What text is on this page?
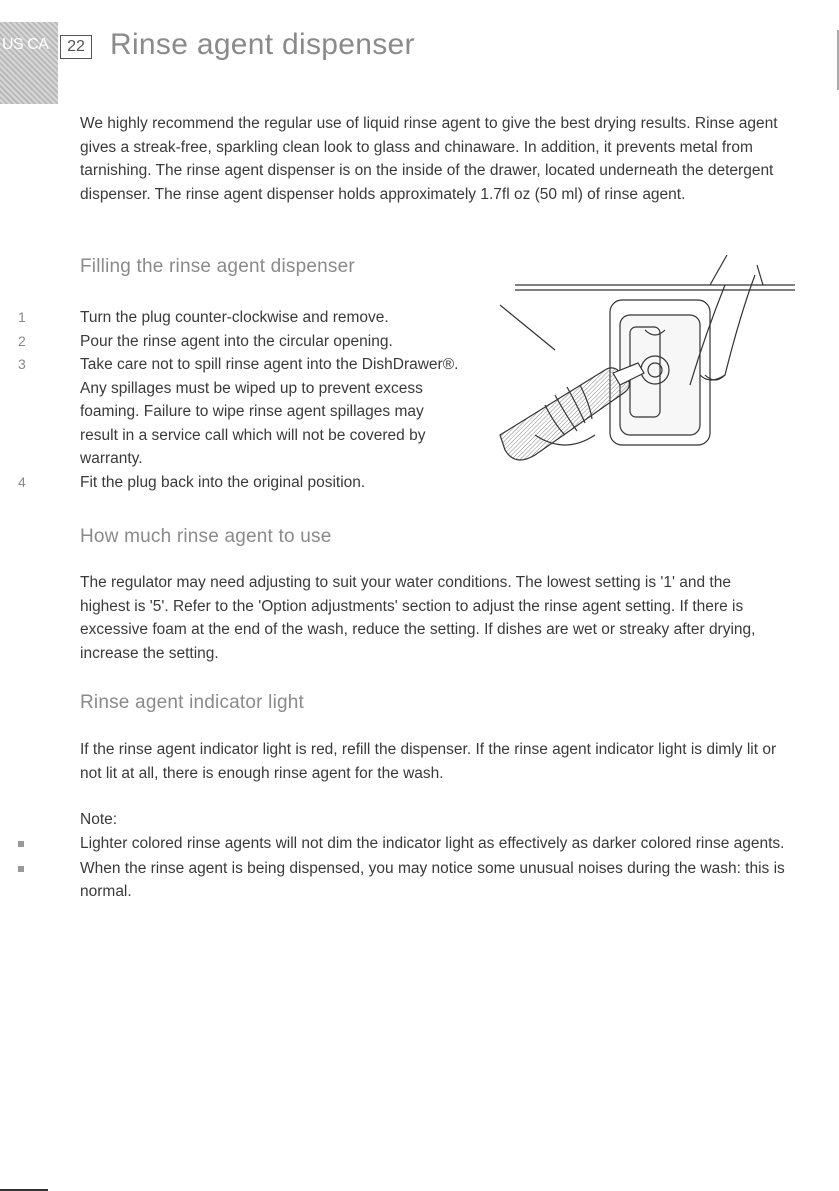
US CA	22 Rinse agent dispenser

We highly recommend the regular use of liquid rinse agent to give the best drying results. Rinse agent gives a streak-free, sparkling clean look to glass and chinaware. In addition, it prevents metal from tarnishing. The rinse agent dispenser is on the inside of the drawer, located underneath the detergent dispenser. The rinse agent dispenser holds approximately 1.7fl oz (50 ml) of rinse agent.

Filling the rinse agent dispenser
1	Turn the plug counter-clockwise and remove.
2	Pour the rinse agent into the circular opening.
3	Take care not to spill rinse agent into the DishDrawer®. Any spillages must be wiped up to prevent excess foaming. Failure to wipe rinse agent spillages may result in a service call which will not be covered by warranty.
4	Fit the plug back into the original position.
How much rinse agent to use

The regulator may need adjusting to suit your water conditions. The lowest setting is '1' and the highest is '5'. Refer to the 'Option adjustments' section to adjust the rinse agent setting. If there is excessive foam at the end of the wash, reduce the setting. If dishes are wet or streaky after drying, increase the setting.

Rinse agent indicator light

If the rinse agent indicator light is red, refill the dispenser. If the rinse agent indicator light is dimly lit or not lit at all, there is enough rinse agent for the wash.

Note:

Lighter colored rinse agents will not dim the indicator light as effectively as darker colored rinse agents.
When the rinse agent is being dispensed, you may notice some unusual noises during the wash: this is normal.
